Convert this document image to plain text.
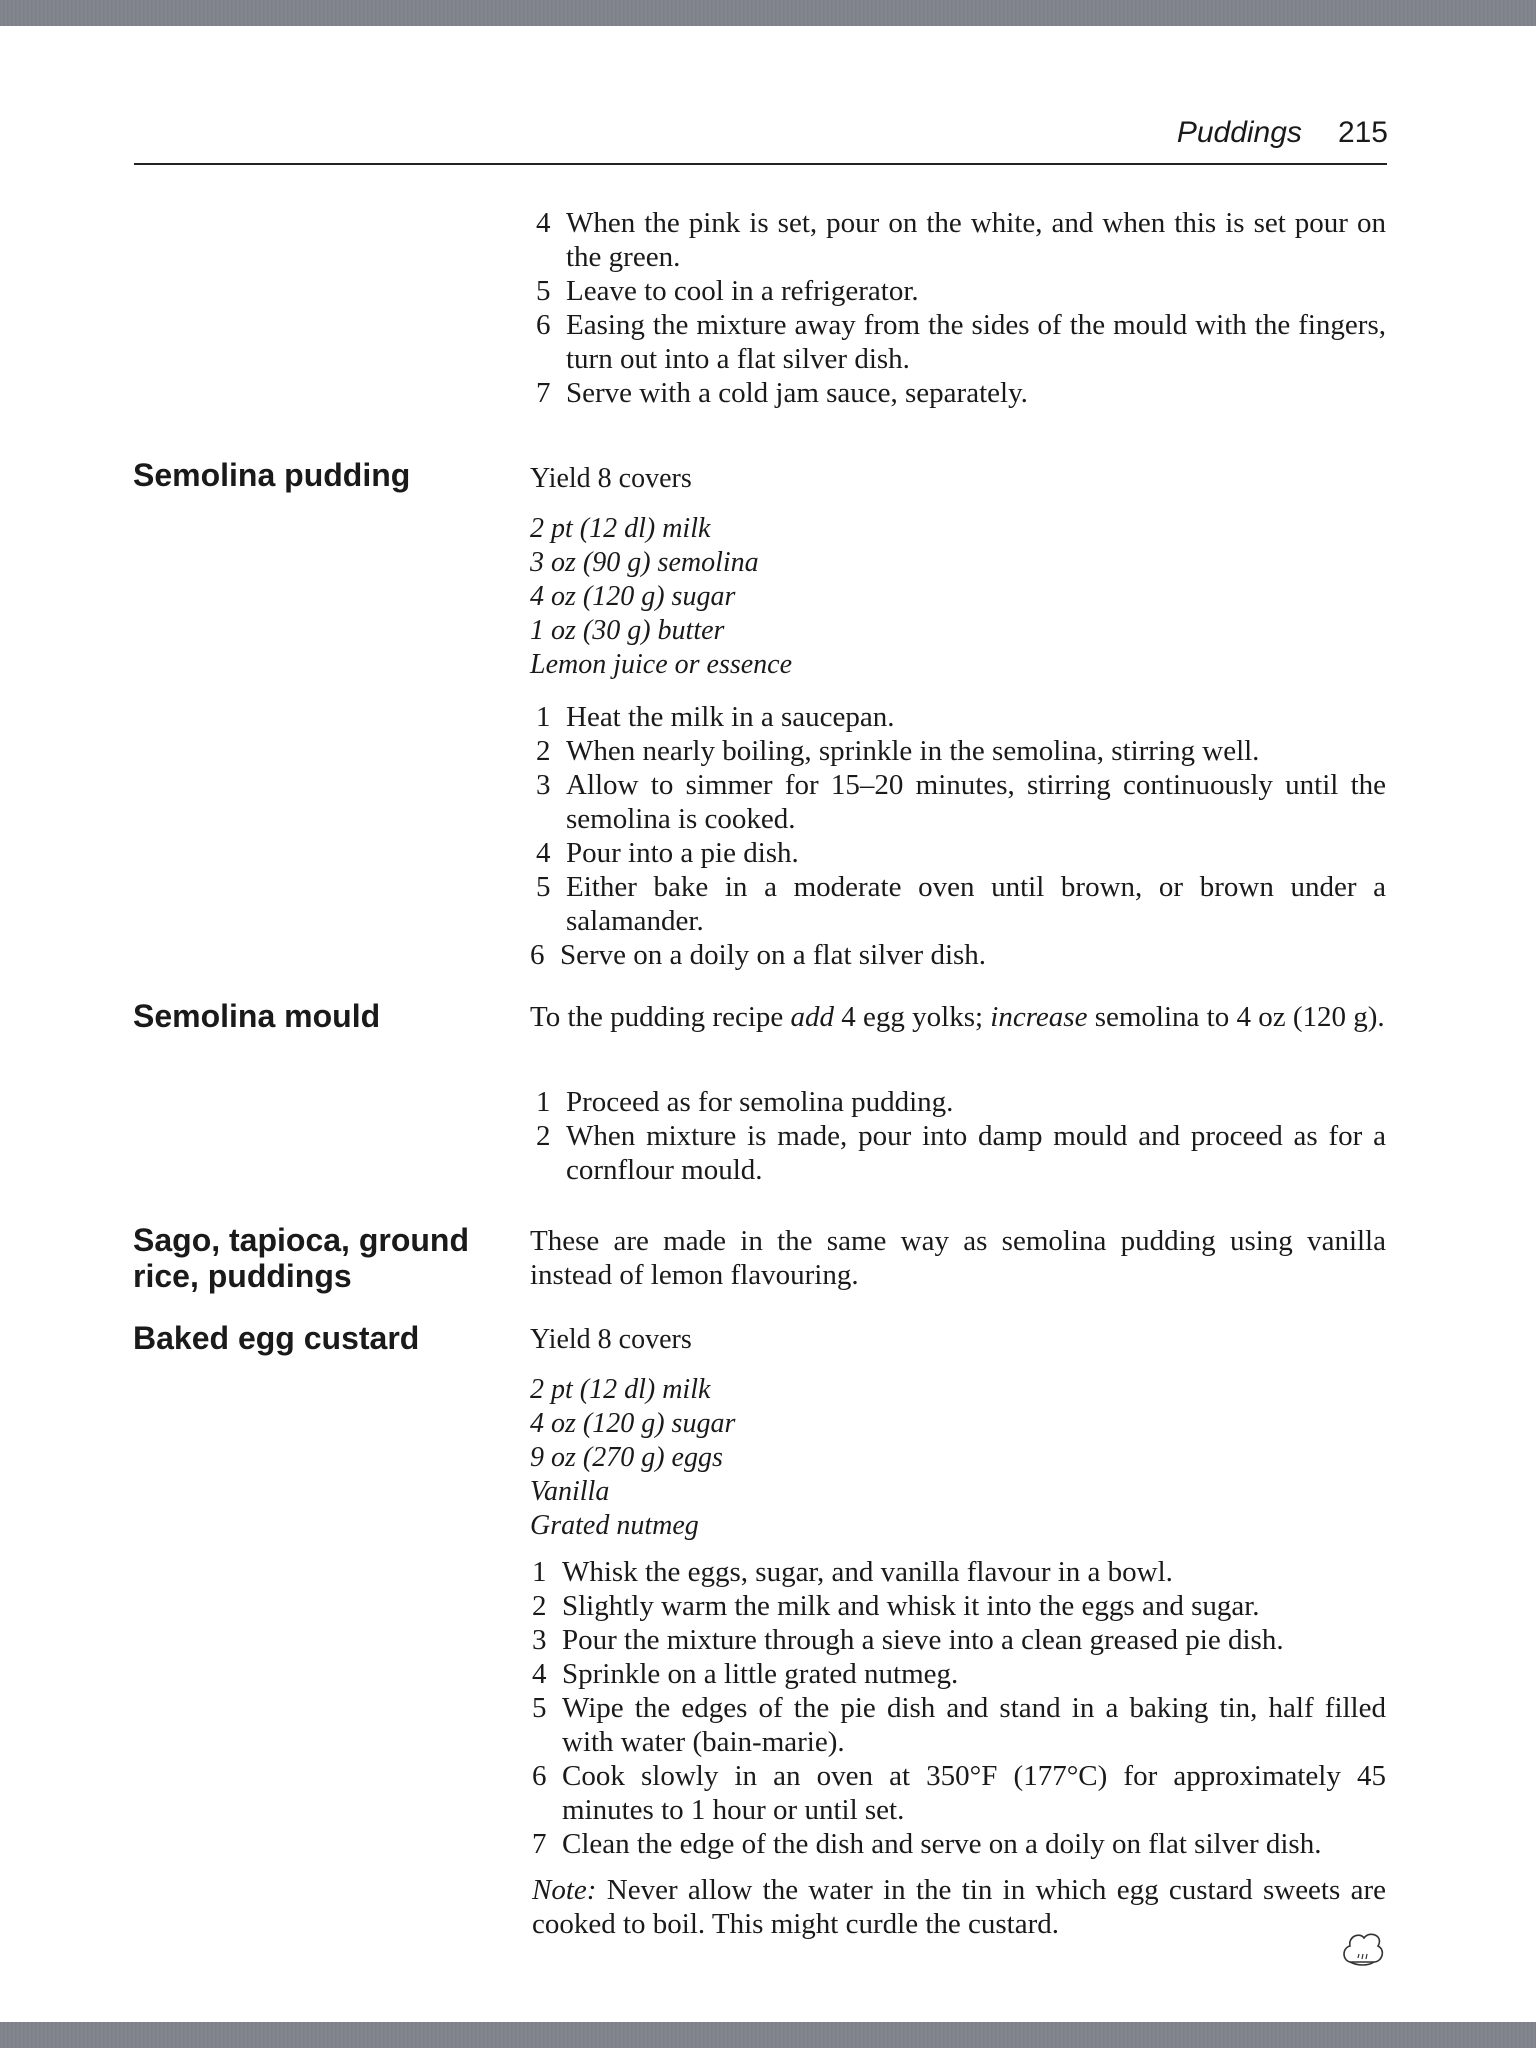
Puddings 215
4 When the pink is set, pour on the white, and when this is set pour on the green.
5 Leave to cool in a refrigerator.
6 Easing the mixture away from the sides of the mould with the fingers, turn out into a flat silver dish.
7 Serve with a cold jam sauce, separately.
Semolina pudding	Yield 8 covers
2 pt (12 dl) milk
3 oz (90 g) semolina
4 oz (120 g) sugar
1 oz (30 g) butter
Lemon juice or essence
1 Heat the milk in a saucepan.
2 When nearly boiling, sprinkle in the semolina, stirring well.
3 Allow to simmer for 15–20 minutes, stirring continuously until the semolina is cooked.
4 Pour into a pie dish.
5 Either bake in a moderate oven until brown, or brown under a salamander.
6 Serve on a doily on a flat silver dish.
Semolina mould	To the pudding recipe add 4 egg yolks; increase semolina to 4 oz (120 g).
1 Proceed as for semolina pudding.
2 When mixture is made, pour into damp mould and proceed as for a cornflour mould.
Sago, tapioca, ground
rice, puddings
These are made in the same way as semolina pudding using vanilla instead of lemon flavouring.
Baked egg custard	Yield 8 covers
2 pt (12 dl) milk
4 oz (120 g) sugar
9 oz (270 g) eggs
Vanilla
Grated nutmeg
1 Whisk the eggs, sugar, and vanilla flavour in a bowl.
2 Slightly warm the milk and whisk it into the eggs and sugar.
3 Pour the mixture through a sieve into a clean greased pie dish.
4 Sprinkle on a little grated nutmeg.
5 Wipe the edges of the pie dish and stand in a baking tin, half filled with water (bain-marie).
6 Cook slowly in an oven at 350°F (177°C) for approximately 45 minutes to 1 hour or until set.
7 Clean the edge of the dish and serve on a doily on flat silver dish.
Note: Never allow the water in the tin in which egg custard sweets are cooked to boil. This might curdle the custard.
